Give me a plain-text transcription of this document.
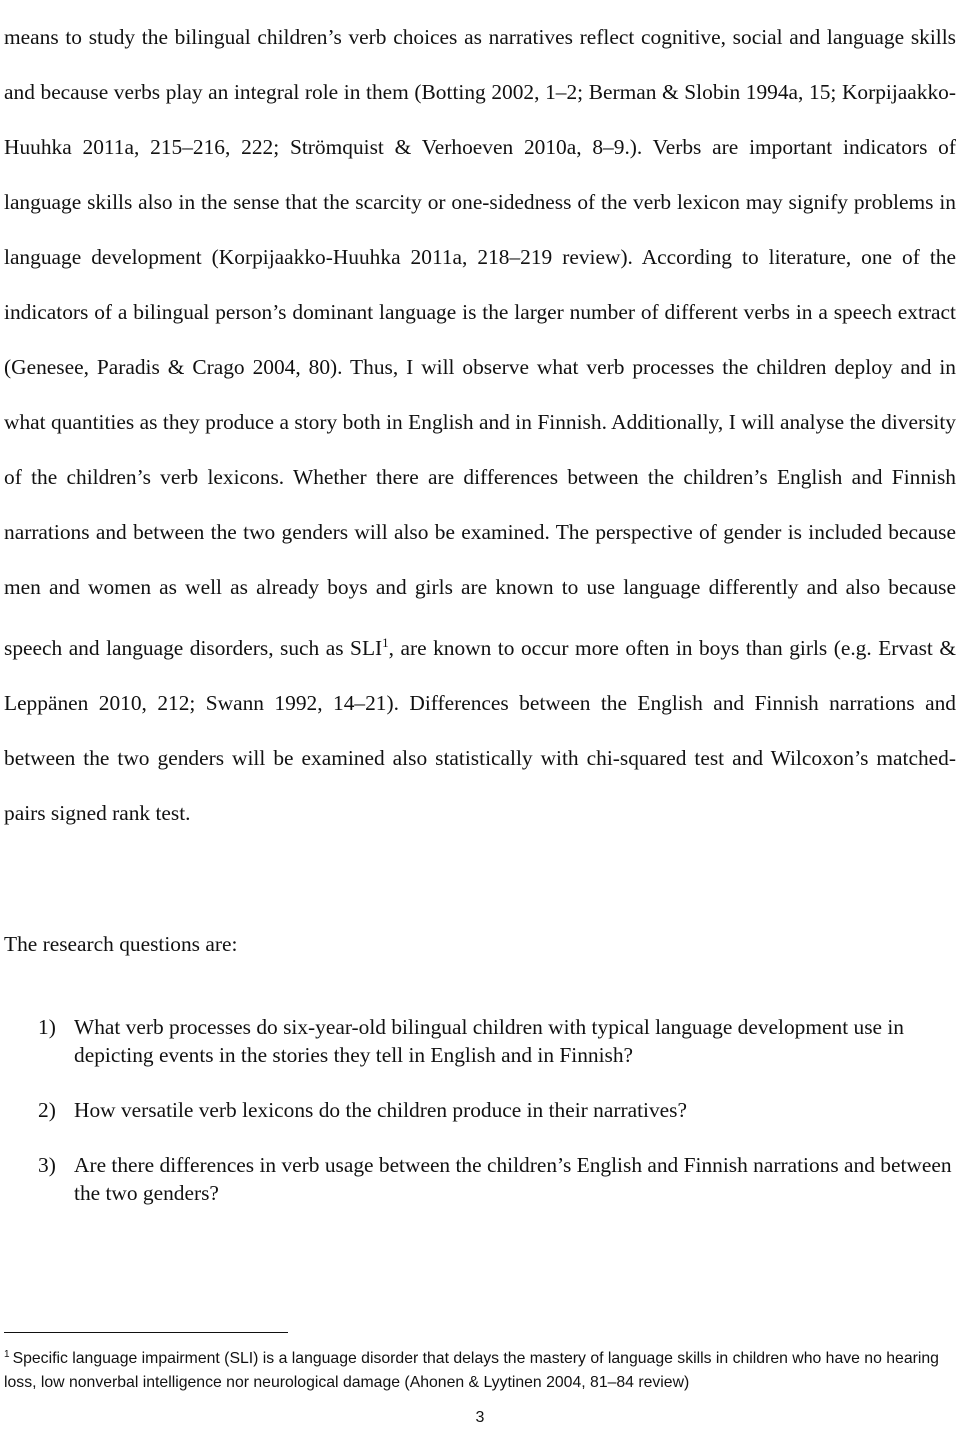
means to study the bilingual children’s verb choices as narratives reflect cognitive, social and language skills and because verbs play an integral role in them (Botting 2002, 1–2; Berman & Slobin 1994a, 15; Korpijaakko-Huuhka 2011a, 215–216, 222; Strömquist & Verhoeven 2010a, 8–9.). Verbs are important indicators of language skills also in the sense that the scarcity or one-sidedness of the verb lexicon may signify problems in language development (Korpijaakko-Huuhka 2011a, 218–219 review). According to literature, one of the indicators of a bilingual person’s dominant language is the larger number of different verbs in a speech extract (Genesee, Paradis & Crago 2004, 80). Thus, I will observe what verb processes the children deploy and in what quantities as they produce a story both in English and in Finnish. Additionally, I will analyse the diversity of the children’s verb lexicons. Whether there are differences between the children’s English and Finnish narrations and between the two genders will also be examined. The perspective of gender is included because men and women as well as already boys and girls are known to use language differently and also because speech and language disorders, such as SLI$^1$, are known to occur more often in boys than girls (e.g. Ervast & Leppänen 2010, 212; Swann 1992, 14–21). Differences between the English and Finnish narrations and between the two genders will be examined also statistically with chi-squared test and Wilcoxon’s matched-pairs signed rank test.

The research questions are:

1) What verb processes do six-year-old bilingual children with typical language development use in depicting events in the stories they tell in English and in Finnish?
2) How versatile verb lexicons do the children produce in their narratives?
3) Are there differences in verb usage between the children’s English and Finnish narrations and between the two genders?

$^1$ Specific language impairment (SLI) is a language disorder that delays the mastery of language skills in children who have no hearing loss, low nonverbal intelligence nor neurological damage (Ahonen & Lyytinen 2004, 81–84 review)

3
